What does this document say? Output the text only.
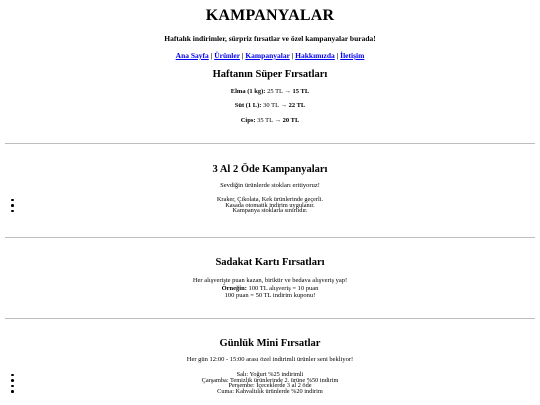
KAMPANYALAR
Haftalık indirimler, sürpriz fırsatlar ve özel kampanyalar burada!
Ana Sayfa | Ürünler | Kampanyalar | Hakkımızda | İletişim
Haftanın Süper Fırsatları
Elma (1 kg): 25 TL → 15 TL
Süt (1 L): 30 TL → 22 TL
Cips: 35 TL → 20 TL
3 Al 2 Öde Kampanyaları
Sevdiğin ürünlerde stokları eritiyoruz!
Kraker, Çikolata, Kek ürünlerinde geçerli.
Kasada otomatik indirim uygulanır.
Kampanya stoklarla sınırlıdır.
Sadakat Kartı Fırsatları
Her alışverişte puan kazan, biriktir ve bedava alışveriş yap!
Örneğin: 100 TL alışveriş = 10 puan
100 puan = 50 TL indirim kuponu!
Günlük Mini Fırsatlar
Her gün 12:00 - 15:00 arası özel indirimli ürünler seni bekliyor!
Salı: Yoğurt %25 indirimli
Çarşamba: Temizlik ürünlerinde 2. ürüne %50 indirim
Perşembe: İçeceklerde 3 al 2 öde
Cuma: Kahvaltılık ürünlerde %20 indirim
